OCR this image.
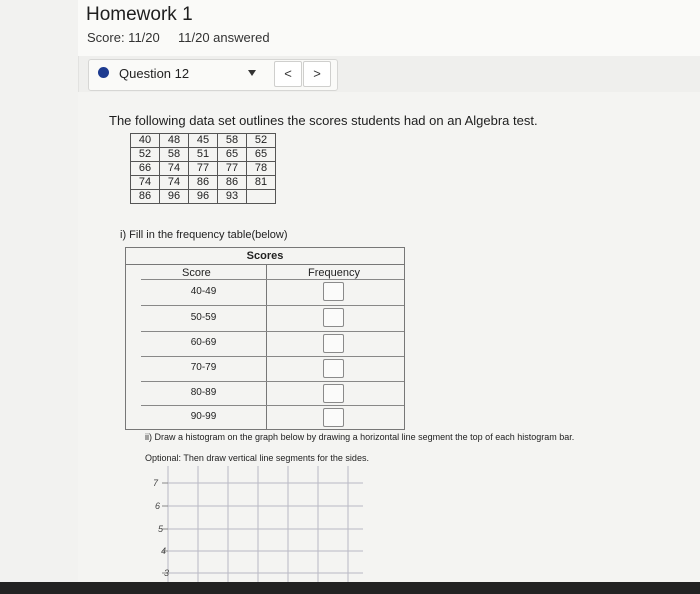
Homework 1
Score: 11/20 11/20 answered
Question 12	<	>
The following data set outlines the scores students had on an Algebra test.
40	48	45	58	52
52	58	51	65	65
66	74	77	77	78
74	74	86	86	81
86	96	96	93	
i) Fill in the frequency table(below)
Scores
Score	Frequency
40-49
50-59
60-69
70-79
80-89
90-99
ii) Draw a histogram on the graph below by drawing a horizontal line segment the top of each histogram bar.
Optional: Then draw vertical line segments for the sides.
7
6
5
4
3
